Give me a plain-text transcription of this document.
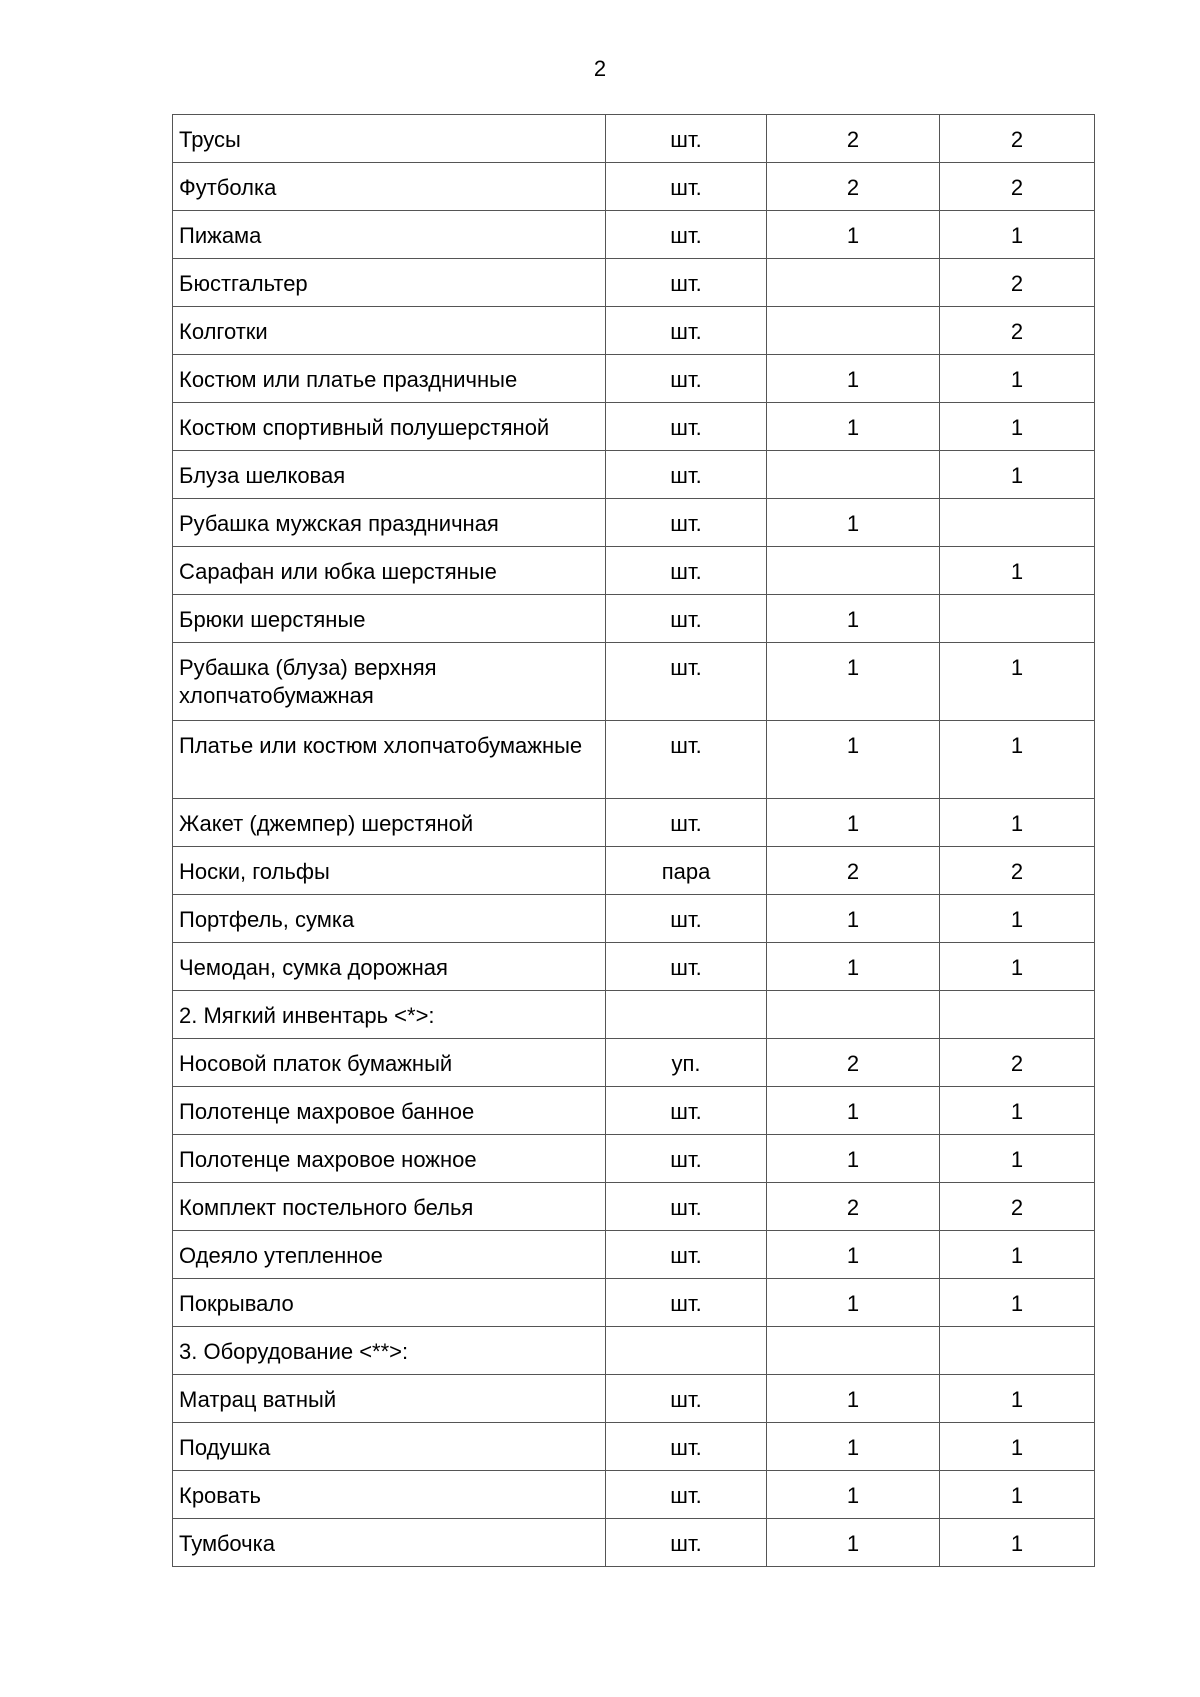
2
Трусы	шт.	2	2
Футболка	шт.	2	2
Пижама	шт.	1	1
Бюстгальтер	шт.		2
Колготки	шт.		2
Костюм или платье праздничные	шт.	1	1
Костюм спортивный полушерстяной	шт.	1	1
Блуза шелковая	шт.		1
Рубашка мужская праздничная	шт.	1	
Сарафан или юбка шерстяные	шт.		1
Брюки шерстяные	шт.	1	
Рубашка (блуза) верхняя хлопчатобумажная	шт.	1	1
Платье или костюм хлопчатобумажные	шт.	1	1
Жакет (джемпер) шерстяной	шт.	1	1
Носки, гольфы	пара	2	2
Портфель, сумка	шт.	1	1
Чемодан, сумка дорожная	шт.	1	1
2. Мягкий инвентарь <*>:			
Носовой платок бумажный	уп.	2	2
Полотенце махровое банное	шт.	1	1
Полотенце махровое ножное	шт.	1	1
Комплект постельного белья	шт.	2	2
Одеяло утепленное	шт.	1	1
Покрывало	шт.	1	1
3. Оборудование <**>:			
Матрац ватный	шт.	1	1
Подушка	шт.	1	1
Кровать	шт.	1	1
Тумбочка	шт.	1	1
